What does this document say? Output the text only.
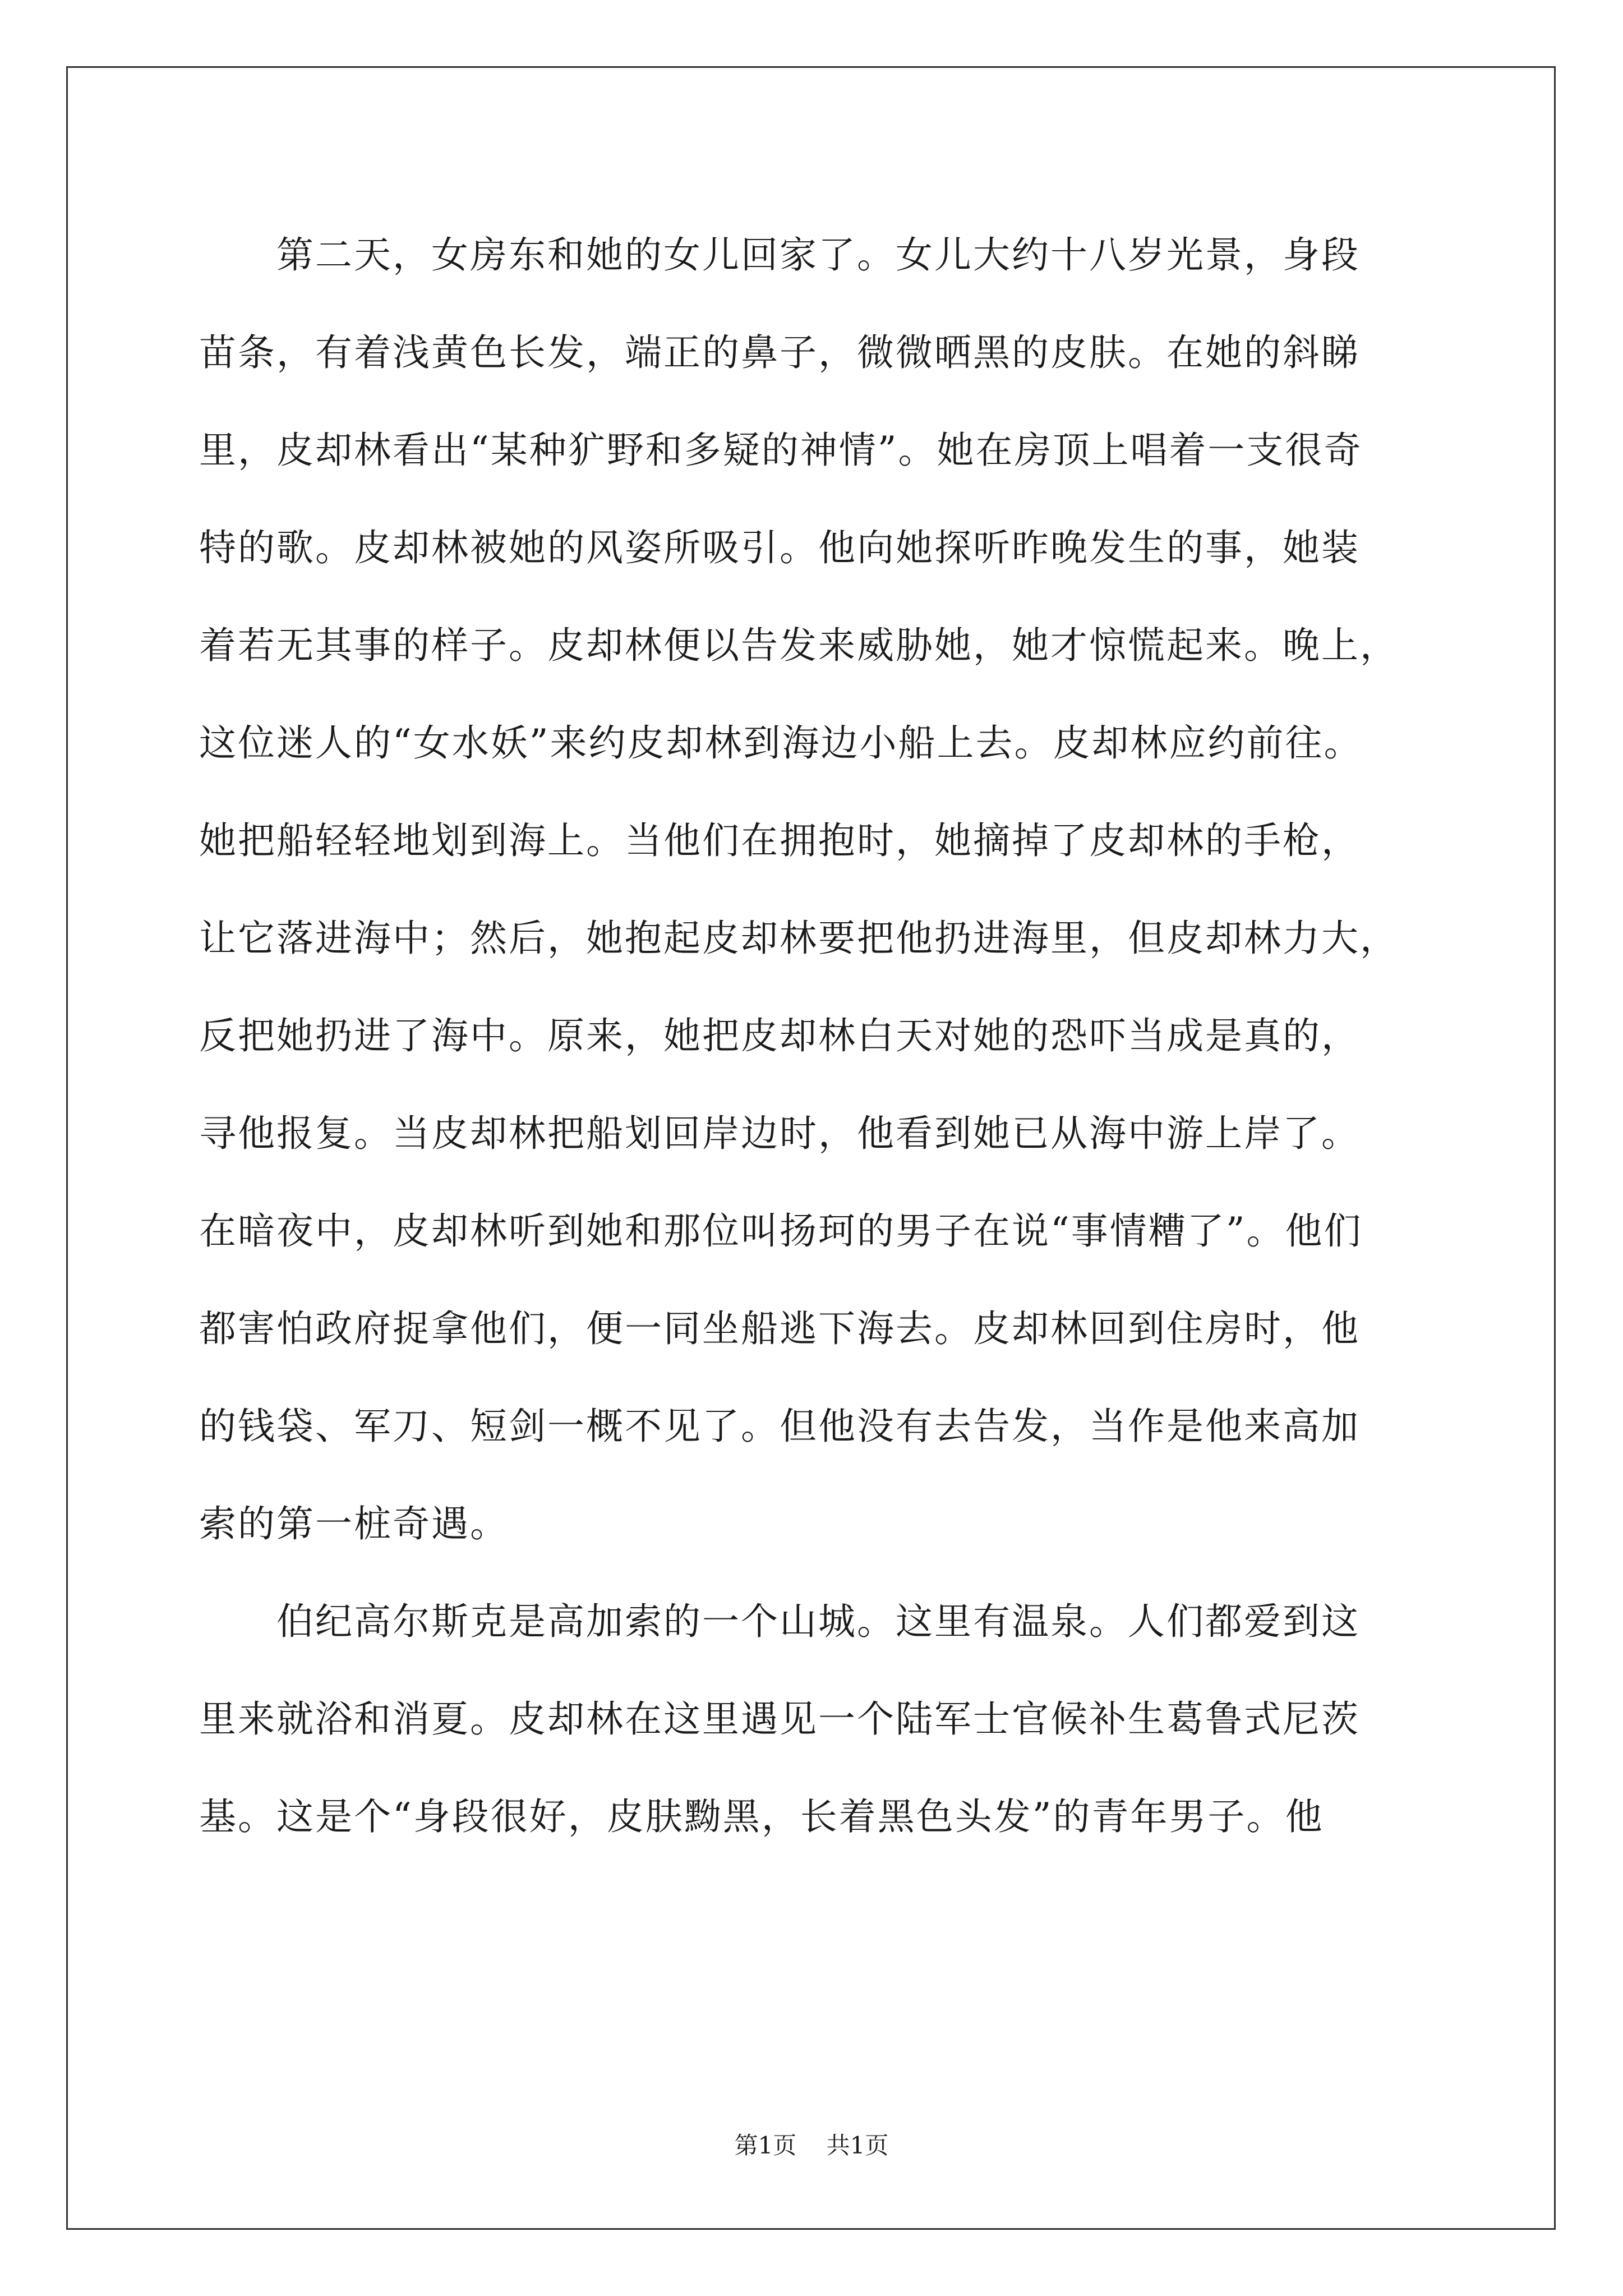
　　第二天，女房东和她的女儿回家了。女儿大约十八岁光景，身段
苗条，有着浅黄色长发，端正的鼻子，微微晒黑的皮肤。在她的斜睇
里，皮却林看出“某种犷野和多疑的神情”。她在房顶上唱着一支很奇
特的歌。皮却林被她的风姿所吸引。他向她探听昨晚发生的事，她装
着若无其事的样子。皮却林便以告发来威胁她，她才惊慌起来。晚上，
这位迷人的“女水妖”来约皮却林到海边小船上去。皮却林应约前往。
她把船轻轻地划到海上。当他们在拥抱时，她摘掉了皮却林的手枪，
让它落进海中；然后，她抱起皮却林要把他扔进海里，但皮却林力大，
反把她扔进了海中。原来，她把皮却林白天对她的恐吓当成是真的，
寻他报复。当皮却林把船划回岸边时，他看到她已从海中游上岸了。
在暗夜中，皮却林听到她和那位叫扬珂的男子在说“事情糟了”。他们
都害怕政府捉拿他们，便一同坐船逃下海去。皮却林回到住房时，他
的钱袋、军刀、短剑一概不见了。但他没有去告发，当作是他来高加
索的第一桩奇遇。
　　伯纪高尔斯克是高加索的一个山城。这里有温泉。人们都爱到这
里来就浴和消夏。皮却林在这里遇见一个陆军士官候补生葛鲁式尼茨
基。这是个“身段很好，皮肤黝黑，长着黑色头发”的青年男子。他
第1页 共1页
